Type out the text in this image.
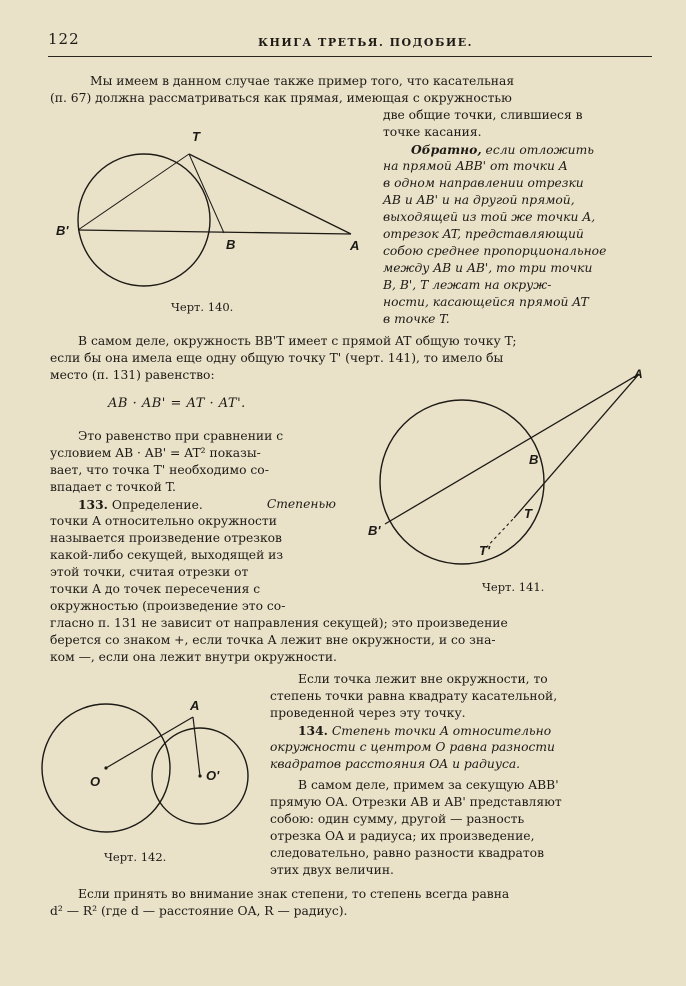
122	КНИГА ТРЕТЬЯ. ПОДОБИЕ.
Мы имеем в данном случае также пример того, что касательная
(п. 67) должна рассматриваться как прямая, имеющая с окружностью
две общие точки, слившиеся в
точке касания.
T
B'
B	A
Черт. 140.
Обратно, если отложить
на прямой ABB' от точки A
в одном направлении отрезки
AB и AB' и на другой прямой,
выходящей из той же точки A,
отрезок AT, представляющий
собою среднее пропорциональное
между AB и AB', то три точки
B, B', T лежат на окруж-
ности, касающейся прямой AT
в точке T.
В самом деле, окружность BB'T имеет с прямой AT общую точку T;
если бы она имела еще одну общую точку T' (черт. 141), то имело бы
место (п. 131) равенство:
AB · AB' = AT · AT'.
Это равенство при сравнении с
условием AB · AB' = AT² показы-
вает, что точка T' необходимо со-
впадает с точкой T.
A
B
T
T'
B'
Черт. 141.
133. Определение.	Степенью
точки A относительно окружности
называется произведение отрезков
какой-либо секущей, выходящей из
этой точки, считая отрезки от
точки A до точек пересечения с
окружностью (произведение это со-
гласно п. 131 не зависит от направления секущей); это произведение
берется со знаком +, если точка A лежит вне окружности, и со зна-
ком —, если она лежит внутри окружности.
Если точка лежит вне окружности, то
степень точки равна квадрату касательной,
проведенной через эту точку.
A
O	O'
Черт. 142.
134. Степень точки A относительно
окружности с центром O равна разности
квадратов расстояния OA и радиуса.
В самом деле, примем за секущую ABB'
прямую OA. Отрезки AB и AB' представляют
собою: один сумму, другой — разность
отрезка OA и радиуса; их произведение,
следовательно, равно разности квадратов
этих двух величин.
Если принять во внимание знак степени, то степень всегда равна
d² — R² (где d — расстояние OA, R — радиус).
